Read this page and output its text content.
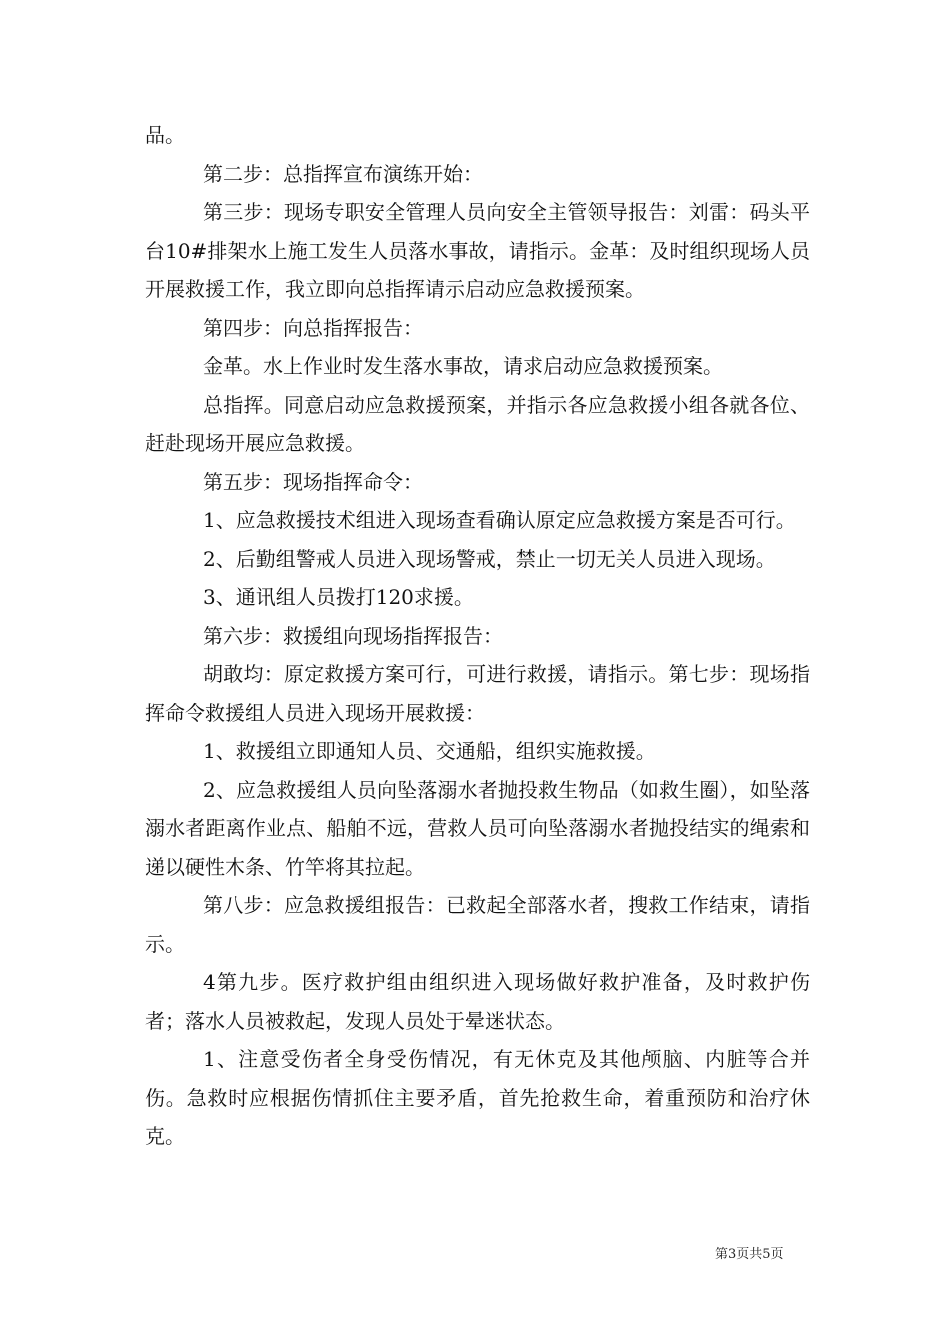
品。

第二步：总指挥宣布演练开始：

第三步：现场专职安全管理人员向安全主管领导报告：刘雷：码头平台10#排架水上施工发生人员落水事故，请指示。金革：及时组织现场人员开展救援工作，我立即向总指挥请示启动应急救援预案。

第四步：向总指挥报告：

金革。水上作业时发生落水事故，请求启动应急救援预案。

总指挥。同意启动应急救援预案，并指示各应急救援小组各就各位、赶赴现场开展应急救援。

第五步：现场指挥命令：

1、应急救援技术组进入现场查看确认原定应急救援方案是否可行。

2、后勤组警戒人员进入现场警戒，禁止一切无关人员进入现场。

3、通讯组人员拨打120求援。

第六步：救援组向现场指挥报告：

胡敢均：原定救援方案可行，可进行救援，请指示。第七步：现场指挥命令救援组人员进入现场开展救援：

1、救援组立即通知人员、交通船，组织实施救援。

2、应急救援组人员向坠落溺水者抛投救生物品（如救生圈），如坠落溺水者距离作业点、船舶不远，营救人员可向坠落溺水者抛投结实的绳索和递以硬性木条、竹竿将其拉起。

第八步：应急救援组报告：已救起全部落水者，搜救工作结束，请指示。

4第九步。医疗救护组由组织进入现场做好救护准备，及时救护伤者；落水人员被救起，发现人员处于晕迷状态。

1、注意受伤者全身受伤情况，有无休克及其他颅脑、内脏等合并伤。急救时应根据伤情抓住主要矛盾，首先抢救生命，着重预防和治疗休克。

第3页共5页
